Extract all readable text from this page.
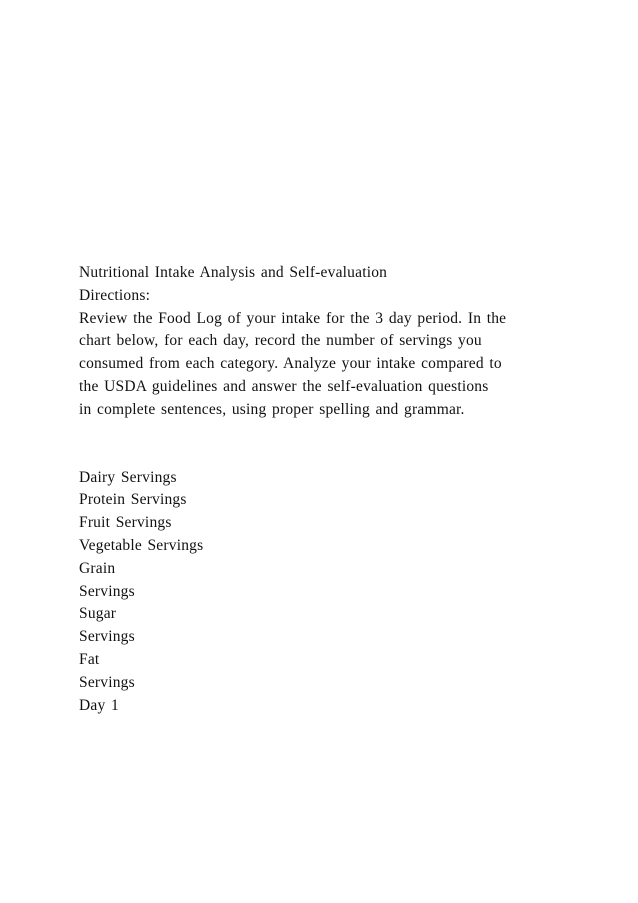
Nutritional Intake Analysis and Self-evaluation
Directions:
Review the Food Log of your intake for the 3 day period. In the
chart below, for each day, record the number of servings you
consumed from each category. Analyze your intake compared to
the USDA guidelines and answer the self-evaluation questions
in complete sentences, using proper spelling and grammar.
Dairy Servings
Protein Servings
Fruit Servings
Vegetable Servings
Grain
Servings
Sugar
Servings
Fat
Servings
Day 1
